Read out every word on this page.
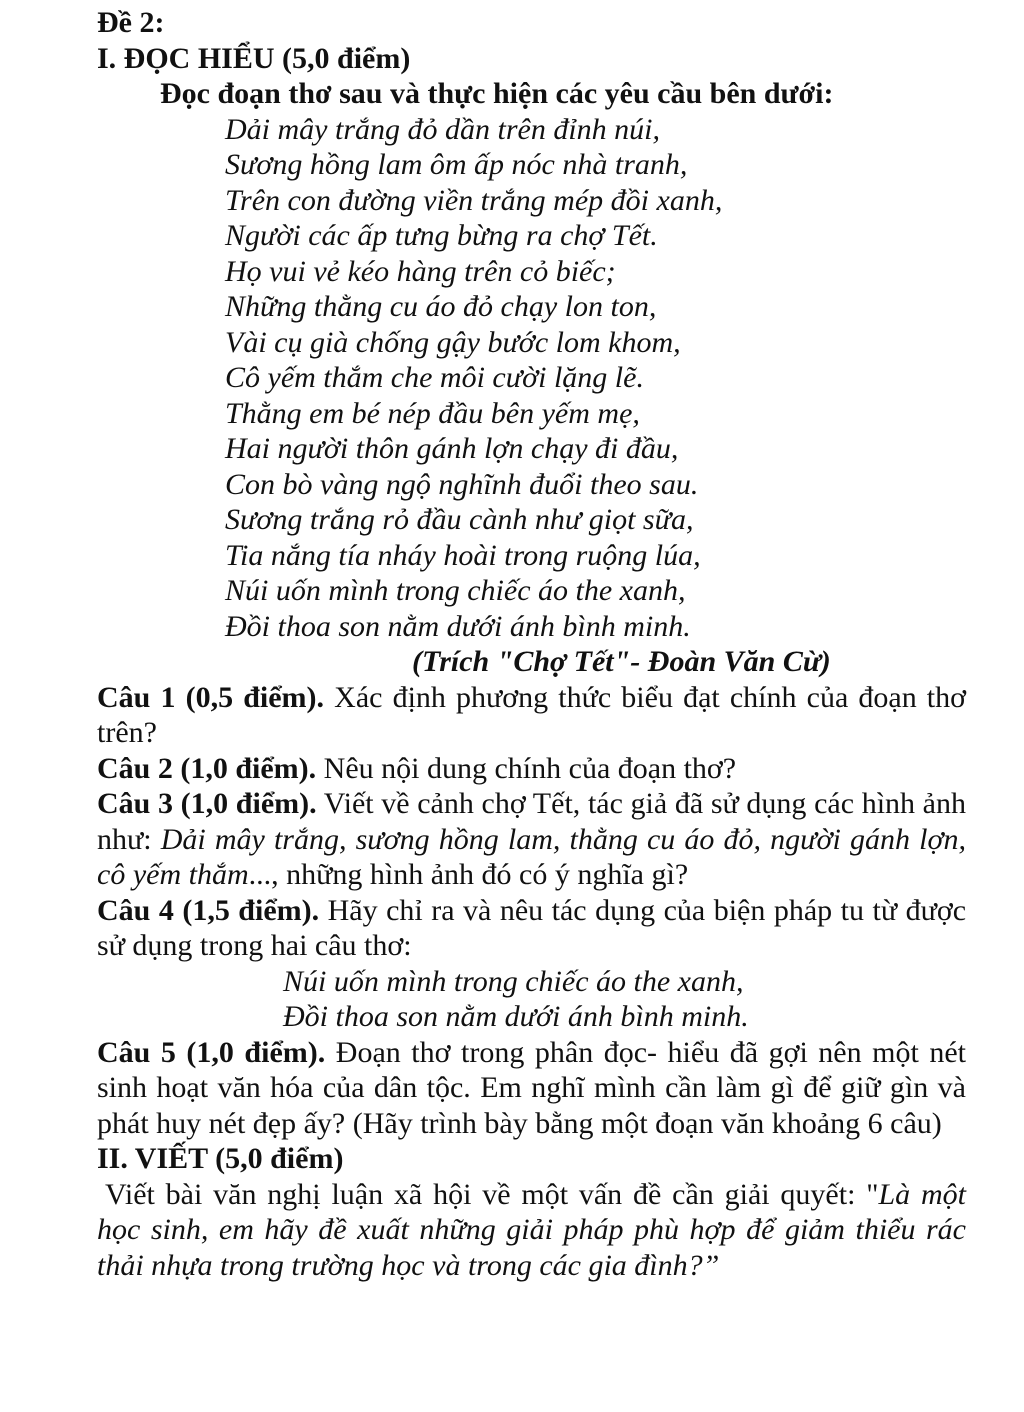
Đề 2:
I. ĐỌC HIỂU (5,0 điểm)
Đọc đoạn thơ sau và thực hiện các yêu cầu bên dưới:
Dải mây trắng đỏ dần trên đỉnh núi,
Sương hồng lam ôm ấp nóc nhà tranh,
Trên con đường viền trắng mép đồi xanh,
Người các ấp tưng bừng ra chợ Tết.
Họ vui vẻ kéo hàng trên cỏ biếc;
Những thằng cu áo đỏ chạy lon ton,
Vài cụ già chống gậy bước lom khom,
Cô yếm thắm che môi cười lặng lẽ.
Thằng em bé nép đầu bên yếm mẹ,
Hai người thôn gánh lợn chạy đi đầu,
Con bò vàng ngộ nghĩnh đuổi theo sau.
Sương trắng rỏ đầu cành như giọt sữa,
Tia nắng tía nháy hoài trong ruộng lúa,
Núi uốn mình trong chiếc áo the xanh,
Đồi thoa son nằm dưới ánh bình minh.
(Trích "Chợ Tết"- Đoàn Văn Cừ)
Câu 1 (0,5 điểm). Xác định phương thức biểu đạt chính của đoạn thơ trên?
Câu 2 (1,0 điểm). Nêu nội dung chính của đoạn thơ?
Câu 3 (1,0 điểm). Viết về cảnh chợ Tết, tác giả đã sử dụng các hình ảnh như: Dải mây trắng, sương hồng lam, thằng cu áo đỏ, người gánh lợn, cô yếm thắm..., những hình ảnh đó có ý nghĩa gì?
Câu 4 (1,5 điểm). Hãy chỉ ra và nêu tác dụng của biện pháp tu từ được sử dụng trong hai câu thơ:
Núi uốn mình trong chiếc áo the xanh,
Đồi thoa son nằm dưới ánh bình minh.
Câu 5 (1,0 điểm). Đoạn thơ trong phân đọc- hiểu đã gợi nên một nét sinh hoạt văn hóa của dân tộc. Em nghĩ mình cần làm gì để giữ gìn và phát huy nét đẹp ấy? (Hãy trình bày bằng một đoạn văn khoảng 6 câu)
II. VIẾT (5,0 điểm)
Viết bài văn nghị luận xã hội về một vấn đề cần giải quyết: "Là một học sinh, em hãy đề xuất những giải pháp phù hợp để giảm thiểu rác thải nhựa trong trường học và trong các gia đình?”
